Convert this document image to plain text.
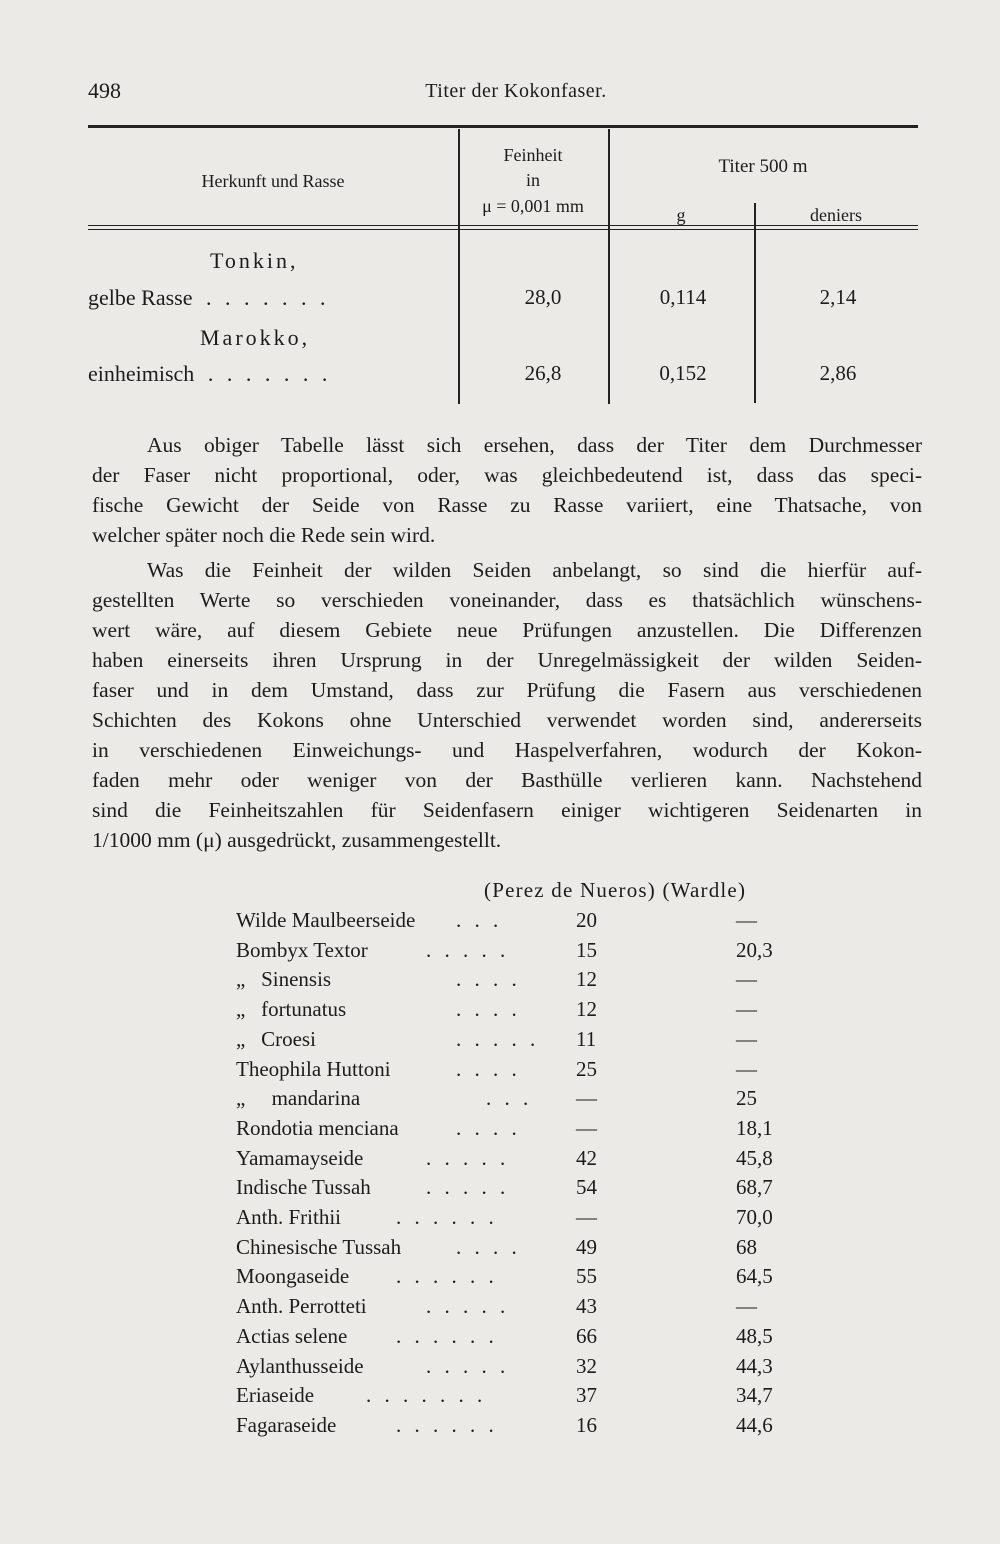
498	Titer der Kokonfaser.
Herkunft und Rasse
Feinheit
in
μ = 0,001 mm
Titer 500 m
g	deniers
Tonkin,
gelbe Rasse . . . . . . .	28,0	0,114	2,14
Marokko,
einheimisch . . . . . . .	26,8	0,152	2,86
Aus obiger Tabelle lässt sich ersehen, dass der Titer dem Durchmesser
der Faser nicht proportional, oder, was gleichbedeutend ist, dass das speci-
fische Gewicht der Seide von Rasse zu Rasse variiert, eine Thatsache, von
welcher später noch die Rede sein wird.
Was die Feinheit der wilden Seiden anbelangt, so sind die hierfür auf-
gestellten Werte so verschieden voneinander, dass es thatsächlich wünschens-
wert wäre, auf diesem Gebiete neue Prüfungen anzustellen. Die Differenzen
haben einerseits ihren Ursprung in der Unregelmässigkeit der wilden Seiden-
faser und in dem Umstand, dass zur Prüfung die Fasern aus verschiedenen
Schichten des Kokons ohne Unterschied verwendet worden sind, andererseits
in verschiedenen Einweichungs- und Haspelverfahren, wodurch der Kokon-
faden mehr oder weniger von der Basthülle verlieren kann. Nachstehend
sind die Feinheitszahlen für Seidenfasern einiger wichtigeren Seidenarten in
1/1000 mm (μ) ausgedrückt, zusammengestellt.
(Perez de Nueros) (Wardle)
Wilde Maulbeerseide . . .	20	—
Bombyx Textor	. . . . .	15	20,3
„   Sinensis	. . . .	12	—
„   fortunatus	. . . .	12	—
„   Croesi	. . . . . 11	—
Theophila Huttoni	. . . .	25	—
„     mandarina	. . . —	25
Rondotia menciana	. . . .	—	18,1
Yamamayseide	. . . . .	42	45,8
Indische Tussah	. . . . .	54	68,7
Anth. Frithii	. . . . . .	—	70,0
Chinesische Tussah	. . . .	49	68
Moongaseide . . . . . .	55	64,5
Anth. Perrotteti	. . . . .	43	—
Actias selene . . . . . .	66	48,5
Aylanthusseide	. . . . .	32	44,3
Eriaseide . . . . . . .	37	34,7
Fagaraseide	. . . . . .	16	44,6
